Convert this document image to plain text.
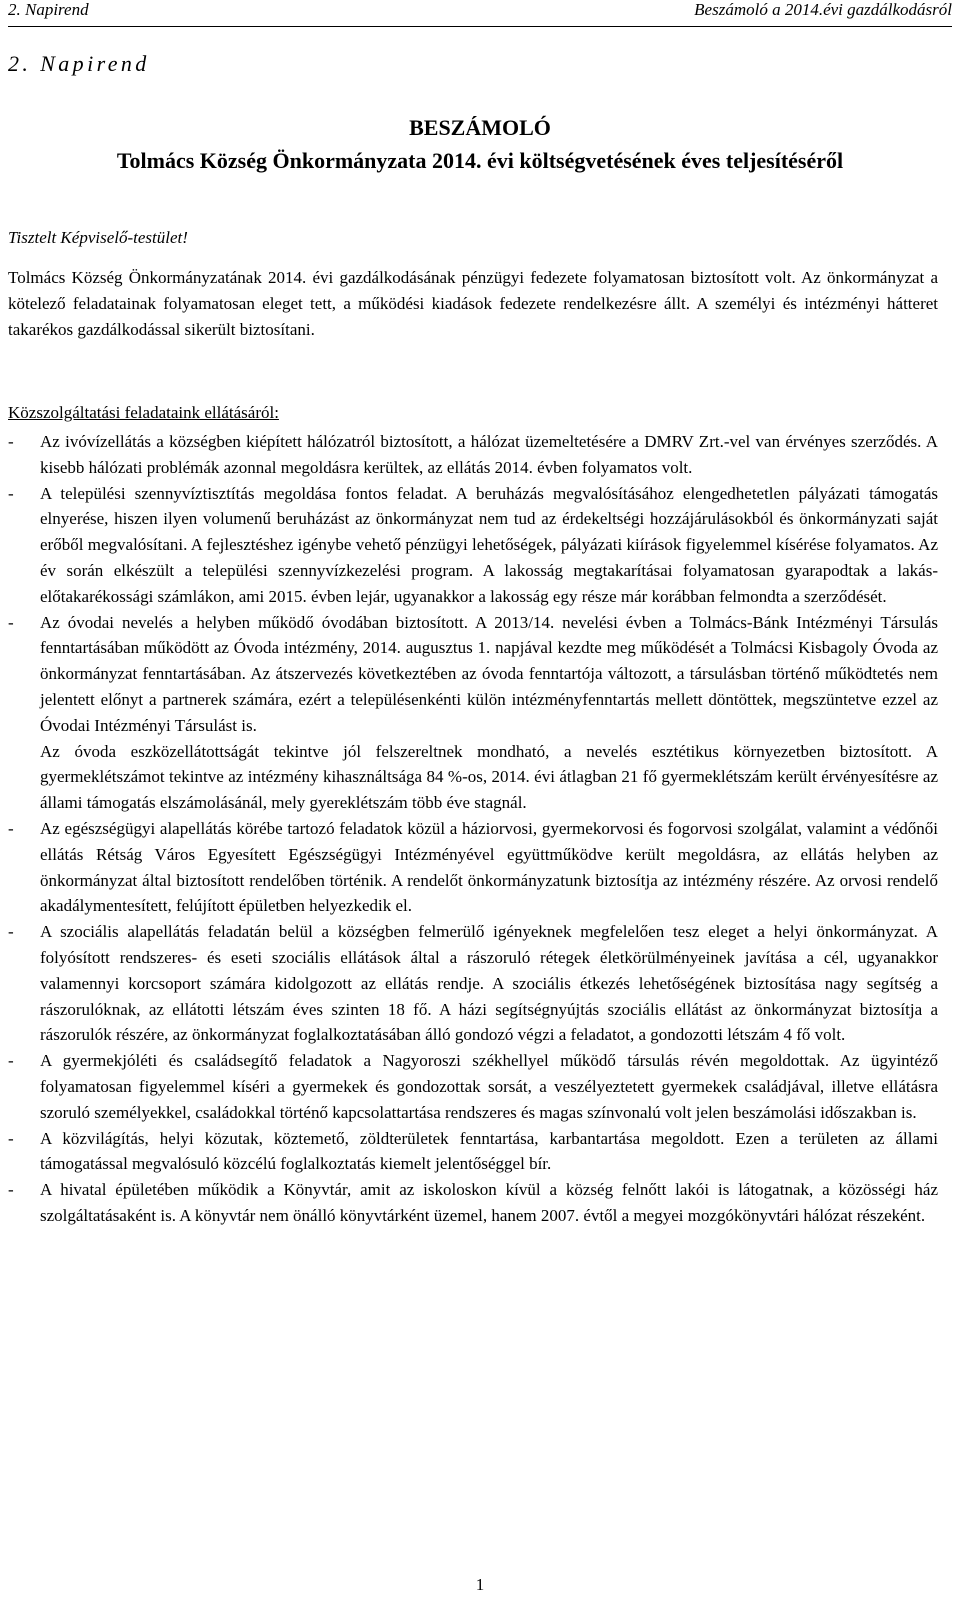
2. Napirend	Beszámoló a 2014.évi gazdálkodásról
2. Napirend
BESZÁMOLÓ
Tolmács Község Önkormányzata 2014. évi költségvetésének éves teljesítéséről
Tisztelt Képviselő-testület!
Tolmács Község Önkormányzatának 2014. évi gazdálkodásának pénzügyi fedezete folyamatosan biztosított volt. Az önkormányzat a kötelező feladatainak folyamatosan eleget tett, a működési kiadások fedezete rendelkezésre állt. A személyi és intézményi hátteret takarékos gazdálkodással sikerült biztosítani.
Közszolgáltatási feladataink ellátásáról:
- Az ivóvízellátás a községben kiépített hálózatról biztosított, a hálózat üzemeltetésére a DMRV Zrt.-vel van érvényes szerződés. A kisebb hálózati problémák azonnal megoldásra kerültek, az ellátás 2014. évben folyamatos volt.
- A települési szennyvíztisztítás megoldása fontos feladat. A beruházás megvalósításához elengedhetetlen pályázati támogatás elnyerése, hiszen ilyen volumenű beruházást az önkormányzat nem tud az érdekeltségi hozzájárulásokból és önkormányzati saját erőből megvalósítani. A fejlesztéshez igénybe vehető pénzügyi lehetőségek, pályázati kiírások figyelemmel kísérése folyamatos. Az év során elkészült a települési szennyvízkezelési program. A lakosság megtakarításai folyamatosan gyarapodtak a lakás-előtakarékossági számlákon, ami 2015. évben lejár, ugyanakkor a lakosság egy része már korábban felmondta a szerződését.
- Az óvodai nevelés a helyben működő óvodában biztosított. A 2013/14. nevelési évben a Tolmács-Bánk Intézményi Társulás fenntartásában működött az Óvoda intézmény, 2014. augusztus 1. napjával kezdte meg működését a Tolmácsi Kisbagoly Óvoda az önkormányzat fenntartásában. Az átszervezés következtében az óvoda fenntartója változott, a társulásban történő működtetés nem jelentett előnyt a partnerek számára, ezért a településenkénti külön intézményfenntartás mellett döntöttek, megszüntetve ezzel az Óvodai Intézményi Társulást is.
Az óvoda eszközellátottságát tekintve jól felszereltnek mondható, a nevelés esztétikus környezetben biztosított. A gyermeklétszámot tekintve az intézmény kihasználtsága 84 %-os, 2014. évi átlagban 21 fő gyermeklétszám került érvényesítésre az állami támogatás elszámolásánál, mely gyereklétszám több éve stagnál.
- Az egészségügyi alapellátás körébe tartozó feladatok közül a háziorvosi, gyermekorvosi és fogorvosi szolgálat, valamint a védőnői ellátás Rétság Város Egyesített Egészségügyi Intézményével együttműködve került megoldásra, az ellátás helyben az önkormányzat által biztosított rendelőben történik. A rendelőt önkormányzatunk biztosítja az intézmény részére. Az orvosi rendelő akadálymentesített, felújított épületben helyezkedik el.
- A szociális alapellátás feladatán belül a községben felmerülő igényeknek megfelelően tesz eleget a helyi önkormányzat. A folyósított rendszeres- és eseti szociális ellátások által a rászoruló rétegek életkörülményeinek javítása a cél, ugyanakkor valamennyi korcsoport számára kidolgozott az ellátás rendje. A szociális étkezés lehetőségének biztosítása nagy segítség a rászorulóknak, az ellátotti létszám éves szinten 18 fő. A házi segítségnyújtás szociális ellátást az önkormányzat biztosítja a rászorulók részére, az önkormányzat foglalkoztatásában álló gondozó végzi a feladatot, a gondozotti létszám 4 fő volt.
- A gyermekjóléti és családsegítő feladatok a Nagyoroszi székhellyel működő társulás révén megoldottak. Az ügyintéző folyamatosan figyelemmel kíséri a gyermekek és gondozottak sorsát, a veszélyeztetett gyermekek családjával, illetve ellátásra szoruló személyekkel, családokkal történő kapcsolattartása rendszeres és magas színvonalú volt jelen beszámolási időszakban is.
- A közvilágítás, helyi közutak, köztemető, zöldterületek fenntartása, karbantartása megoldott. Ezen a területen az állami támogatással megvalósuló közcélú foglalkoztatás kiemelt jelentőséggel bír.
- A hivatal épületében működik a Könyvtár, amit az iskoloskon kívül a község felnőtt lakói is látogatnak, a közösségi ház szolgáltatásaként is. A könyvtár nem önálló könyvtárként üzemel, hanem 2007. évtől a megyei mozgókönyvtári hálózat részeként.
1
